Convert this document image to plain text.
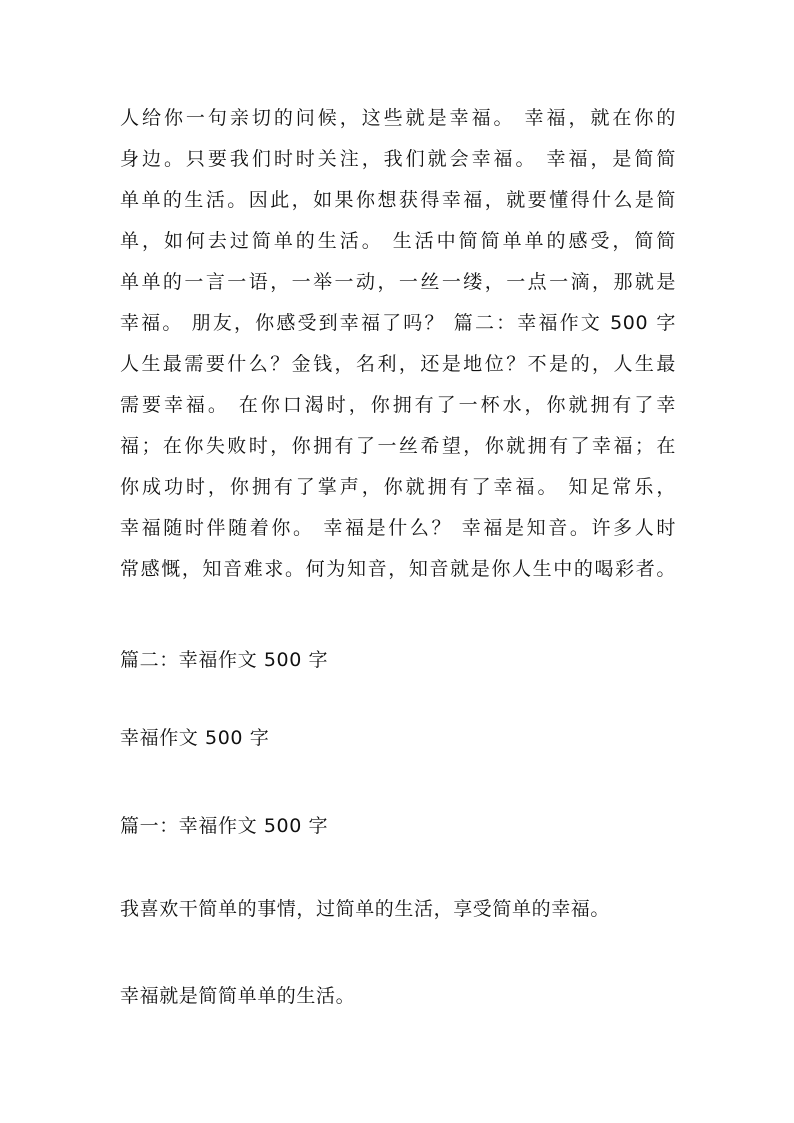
人给你一句亲切的问候，这些就是幸福。 幸福，就在你的
身边。只要我们时时关注，我们就会幸福。 幸福，是简简
单单的生活。因此，如果你想获得幸福，就要懂得什么是简
单，如何去过简单的生活。 生活中简简单单的感受，简简
单单的一言一语，一举一动，一丝一缕，一点一滴，那就是
幸福。 朋友，你感受到幸福了吗？ 篇二：幸福作文 500 字
人生最需要什么？金钱，名利，还是地位？不是的，人生最
需要幸福。 在你口渴时，你拥有了一杯水，你就拥有了幸
福；在你失败时，你拥有了一丝希望，你就拥有了幸福；在
你成功时，你拥有了掌声，你就拥有了幸福。 知足常乐，
幸福随时伴随着你。 幸福是什么？ 幸福是知音。许多人时
常感慨，知音难求。何为知音，知音就是你人生中的喝彩者。
篇二：幸福作文 500 字
幸福作文 500 字
篇一：幸福作文 500 字
我喜欢干简单的事情，过简单的生活，享受简单的幸福。
幸福就是简简单单的生活。
